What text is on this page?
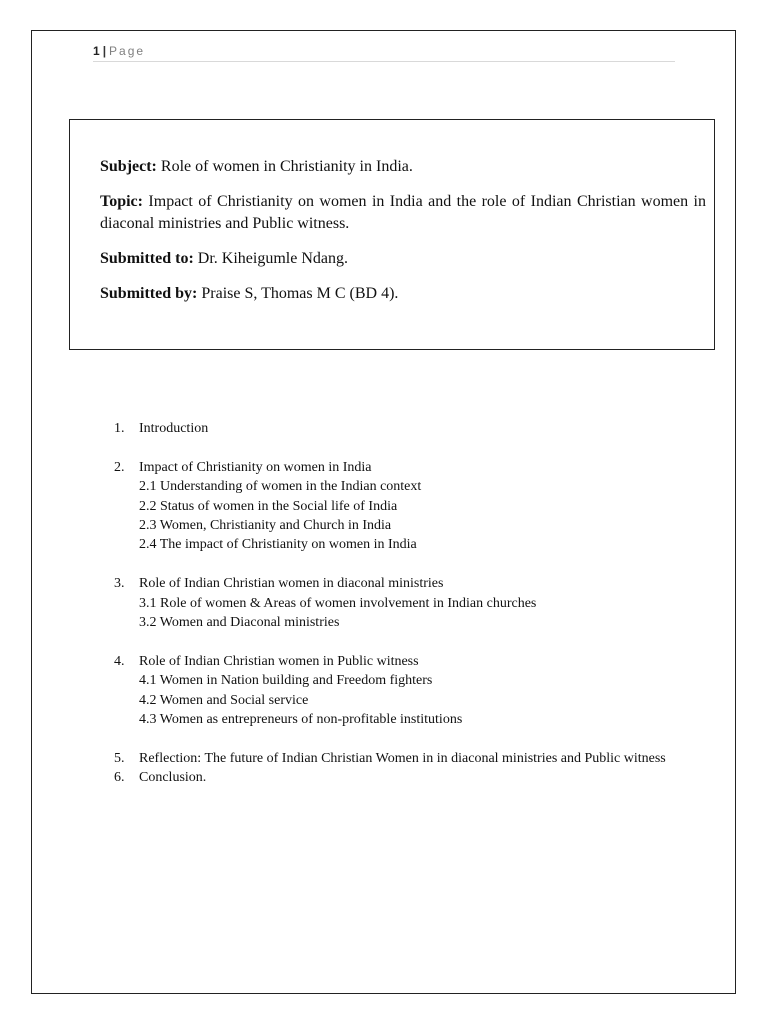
1 | Page

Subject: Role of women in Christianity in India.

Topic: Impact of Christianity on women in India and the role of Indian Christian women in diaconal ministries and Public witness.

Submitted to: Dr. Kiheigumle Ndang.

Submitted by: Praise S, Thomas M C (BD 4).

1. Introduction
2. Impact of Christianity on women in India
2.1 Understanding of women in the Indian context
2.2 Status of women in the Social life of India
2.3 Women, Christianity and Church in India
2.4 The impact of Christianity on women in India
3. Role of Indian Christian women in diaconal ministries
3.1 Role of women & Areas of women involvement in Indian churches
3.2 Women and Diaconal ministries
4. Role of Indian Christian women in Public witness
4.1 Women in Nation building and Freedom fighters
4.2 Women and Social service
4.3 Women as entrepreneurs of non-profitable institutions
5. Reflection: The future of Indian Christian Women in in diaconal ministries and Public witness
6. Conclusion.
